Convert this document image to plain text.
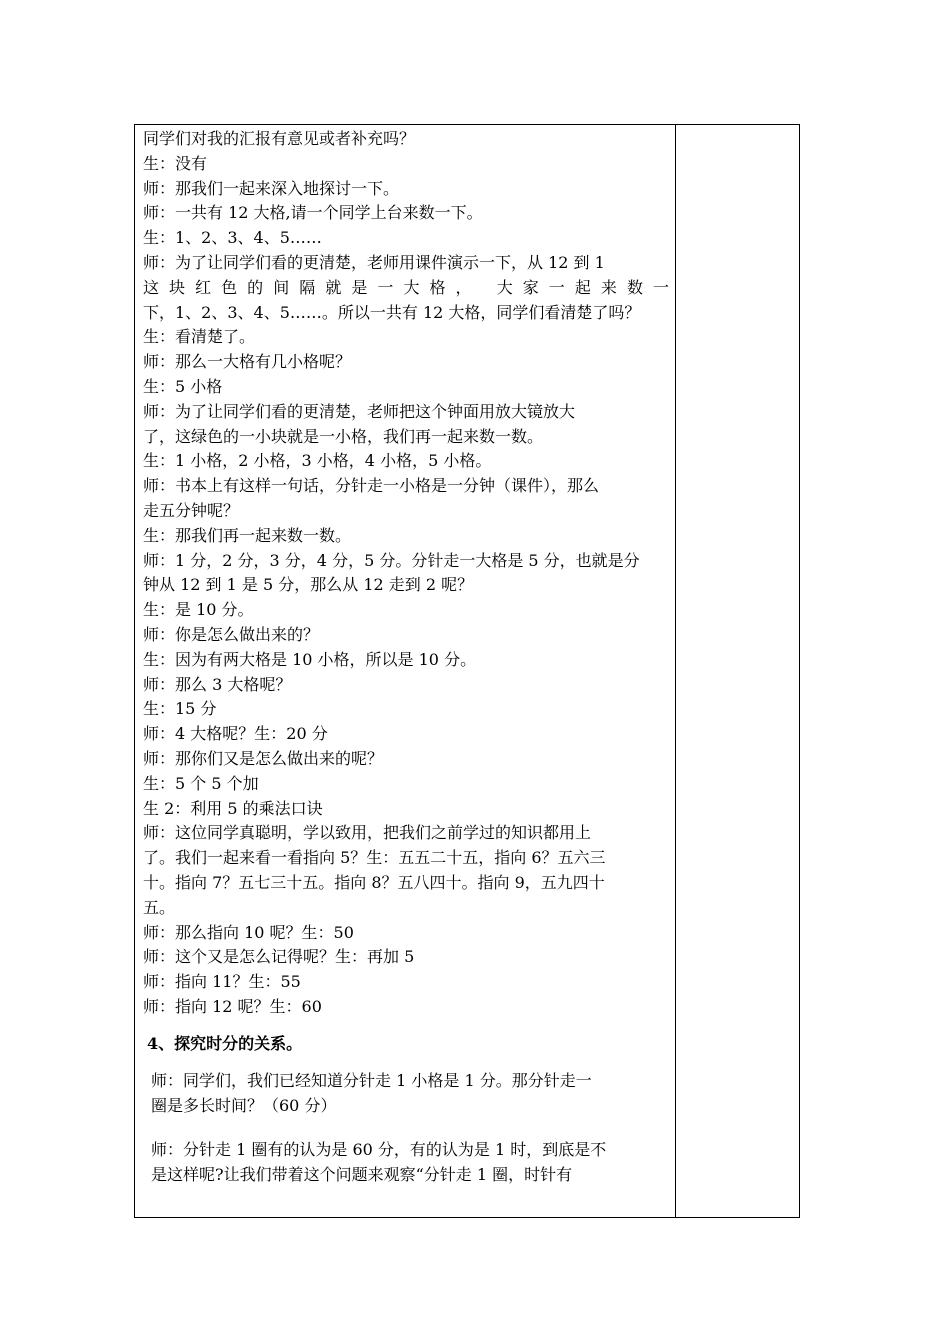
同学们对我的汇报有意见或者补充吗？
生：没有
师：那我们一起来深入地探讨一下。
师：一共有 12 大格,请一个同学上台来数一下。
生：1、2、3、4、5……
师：为了让同学们看的更清楚，老师用课件演示一下，从 12 到 1
这块红色的间隔就是一大格， 大家一起来数一
下，1、2、3、4、5……。所以一共有 12 大格，同学们看清楚了吗？
生：看清楚了。
师：那么一大格有几小格呢？
生：5 小格
师：为了让同学们看的更清楚，老师把这个钟面用放大镜放大
了，这绿色的一小块就是一小格，我们再一起来数一数。
生：1 小格，2 小格，3 小格，4 小格，5 小格。
师：书本上有这样一句话，分针走一小格是一分钟（课件），那么
走五分钟呢？
生：那我们再一起来数一数。
师：1 分，2 分，3 分，4 分，5 分。分针走一大格是 5 分，也就是分
钟从 12 到 1 是 5 分，那么从 12 走到 2 呢？
生：是 10 分。
师：你是怎么做出来的？
生：因为有两大格是 10 小格，所以是 10 分。
师：那么 3 大格呢？
生：15 分
师：4 大格呢？生：20 分
师：那你们又是怎么做出来的呢？
生：5 个 5 个加
生 2：利用 5 的乘法口诀
师：这位同学真聪明，学以致用，把我们之前学过的知识都用上
了。我们一起来看一看指向 5？生：五五二十五，指向 6？五六三
十。指向 7？五七三十五。指向 8？五八四十。指向 9，五九四十
五。
师：那么指向 10 呢？生：50
师：这个又是怎么记得呢？生：再加 5
师：指向 11？生：55
师：指向 12 呢？生：60
4、探究时分的关系。
师：同学们，我们已经知道分针走 1 小格是 1 分。那分针走一
圈是多长时间？（60 分）
师：分针走 1 圈有的认为是 60 分，有的认为是 1 时，到底是不
是这样呢?让我们带着这个问题来观察“分针走 1 圈，时针有
